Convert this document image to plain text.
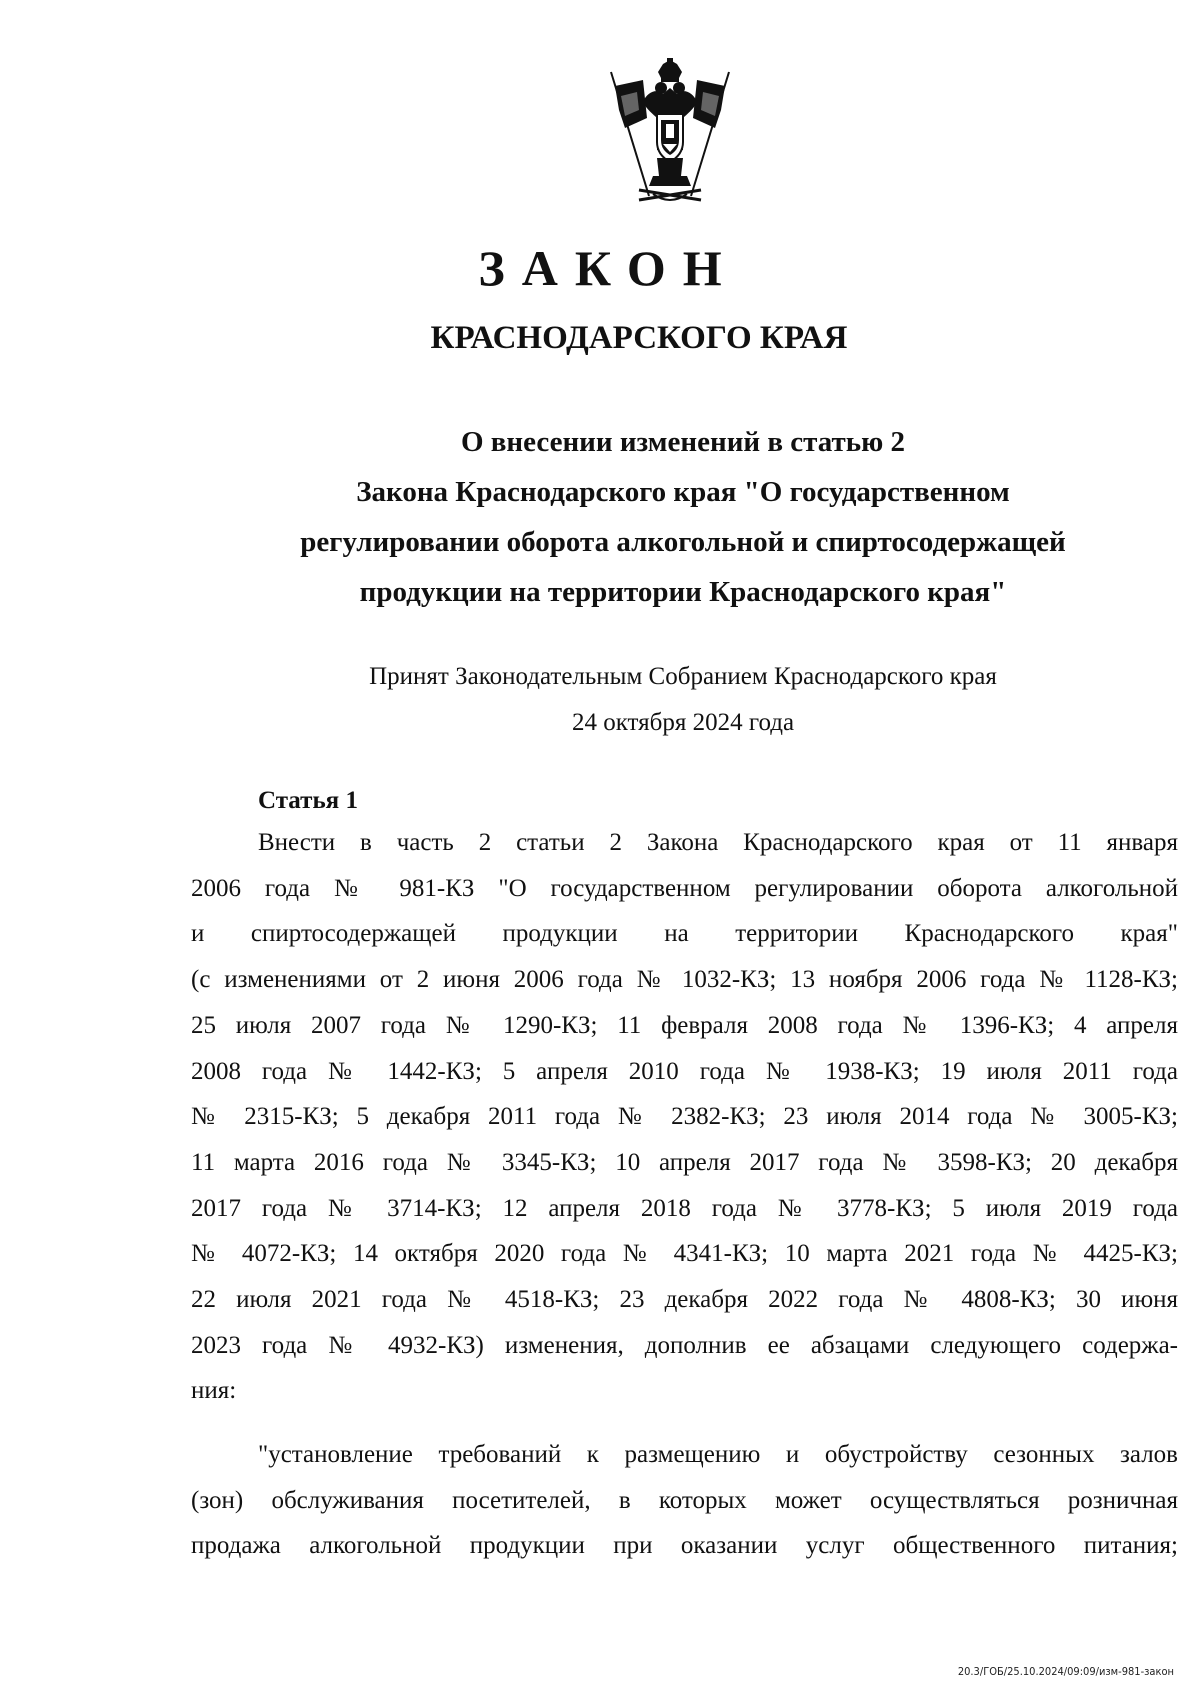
ЗАКОН
КРАСНОДАРСКОГО КРАЯ
О внесении изменений в статью 2
Закона Краснодарского края "О государственном
регулировании оборота алкогольной и спиртосодержащей
продукции на территории Краснодарского края"
Принят Законодательным Собранием Краснодарского края
24 октября 2024 года
Статья 1
Внести в часть 2 статьи 2 Закона Краснодарского края от 11 января
2006 года № 981-КЗ "О государственном регулировании оборота алкогольной
и спиртосодержащей продукции на территории Краснодарского края"
(с изменениями от 2 июня 2006 года № 1032-КЗ; 13 ноября 2006 года № 1128-КЗ;
25 июля 2007 года № 1290-КЗ; 11 февраля 2008 года № 1396-КЗ; 4 апреля
2008 года № 1442-КЗ; 5 апреля 2010 года № 1938-КЗ; 19 июля 2011 года
№ 2315-КЗ; 5 декабря 2011 года № 2382-КЗ; 23 июля 2014 года № 3005-КЗ;
11 марта 2016 года № 3345-КЗ; 10 апреля 2017 года № 3598-КЗ; 20 декабря
2017 года № 3714-КЗ; 12 апреля 2018 года № 3778-КЗ; 5 июля 2019 года
№ 4072-КЗ; 14 октября 2020 года № 4341-КЗ; 10 марта 2021 года № 4425-КЗ;
22 июля 2021 года № 4518-КЗ; 23 декабря 2022 года № 4808-КЗ; 30 июня
2023 года № 4932-КЗ) изменения, дополнив ее абзацами следующего содержа-
ния:
"установление требований к размещению и обустройству сезонных залов
(зон) обслуживания посетителей, в которых может осуществляться розничная
продажа алкогольной продукции при оказании услуг общественного питания;
20.3/ГОБ/25.10.2024/09:09/изм-981-закон
